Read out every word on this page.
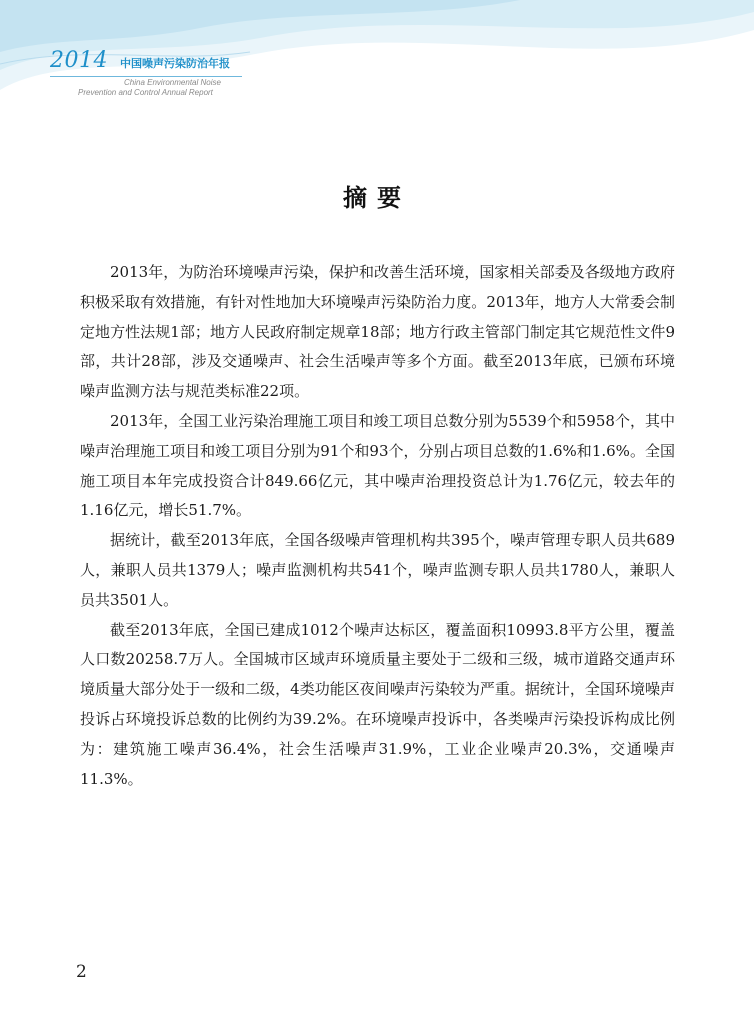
2014 中国噪声污染防治年报
China Environmental Noise
Prevention and Control Annual Report
摘要

2013年，为防治环境噪声污染，保护和改善生活环境，国家相关部委及各级地方政府积极采取有效措施，有针对性地加大环境噪声污染防治力度。2013年，地方人大常委会制定地方性法规1部；地方人民政府制定规章18部；地方行政主管部门制定其它规范性文件9部，共计28部，涉及交通噪声、社会生活噪声等多个方面。截至2013年底，已颁布环境噪声监测方法与规范类标准22项。

2013年，全国工业污染治理施工项目和竣工项目总数分别为5539个和5958个，其中噪声治理施工项目和竣工项目分别为91个和93个，分别占项目总数的1.6%和1.6%。全国施工项目本年完成投资合计849.66亿元，其中噪声治理投资总计为1.76亿元，较去年的1.16亿元，增长51.7%。

据统计，截至2013年底，全国各级噪声管理机构共395个，噪声管理专职人员共689人，兼职人员共1379人；噪声监测机构共541个，噪声监测专职人员共1780人，兼职人员共3501人。

截至2013年底，全国已建成1012个噪声达标区，覆盖面积10993.8平方公里，覆盖人口数20258.7万人。全国城市区域声环境质量主要处于二级和三级，城市道路交通声环境质量大部分处于一级和二级，4类功能区夜间噪声污染较为严重。据统计，全国环境噪声投诉占环境投诉总数的比例约为39.2%。在环境噪声投诉中，各类噪声污染投诉构成比例为：建筑施工噪声36.4%，社会生活噪声31.9%，工业企业噪声20.3%，交通噪声11.3%。

2
